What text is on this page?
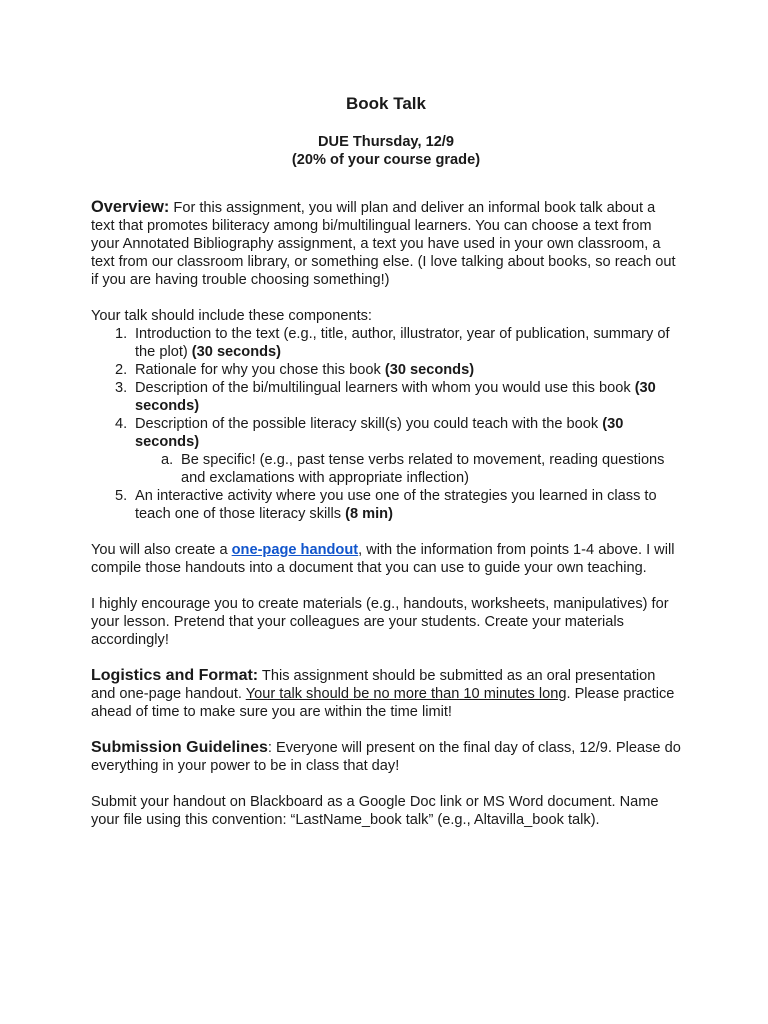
Book Talk
DUE Thursday, 12/9
(20% of your course grade)

Overview: For this assignment, you will plan and deliver an informal book talk about a text that promotes biliteracy among bi/multilingual learners. You can choose a text from your Annotated Bibliography assignment, a text you have used in your own classroom, a text from our classroom library, or something else. (I love talking about books, so reach out if you are having trouble choosing something!)

Your talk should include these components:

Introduction to the text (e.g., title, author, illustrator, year of publication, summary of the plot) (30 seconds)
Rationale for why you chose this book (30 seconds)
Description of the bi/multilingual learners with whom you would use this book (30 seconds)
Description of the possible literacy skill(s) you could teach with the book (30 seconds)
a. Be specific! (e.g., past tense verbs related to movement, reading questions and exclamations with appropriate inflection)
An interactive activity where you use one of the strategies you learned in class to teach one of those literacy skills (8 min)

You will also create a one-page handout, with the information from points 1-4 above. I will compile those handouts into a document that you can use to guide your own teaching.

I highly encourage you to create materials (e.g., handouts, worksheets, manipulatives) for your lesson. Pretend that your colleagues are your students. Create your materials accordingly!

Logistics and Format: This assignment should be submitted as an oral presentation and one-page handout. Your talk should be no more than 10 minutes long. Please practice ahead of time to make sure you are within the time limit!

Submission Guidelines: Everyone will present on the final day of class, 12/9. Please do everything in your power to be in class that day!

Submit your handout on Blackboard as a Google Doc link or MS Word document. Name your file using this convention: “LastName_book talk” (e.g., Altavilla_book talk).
